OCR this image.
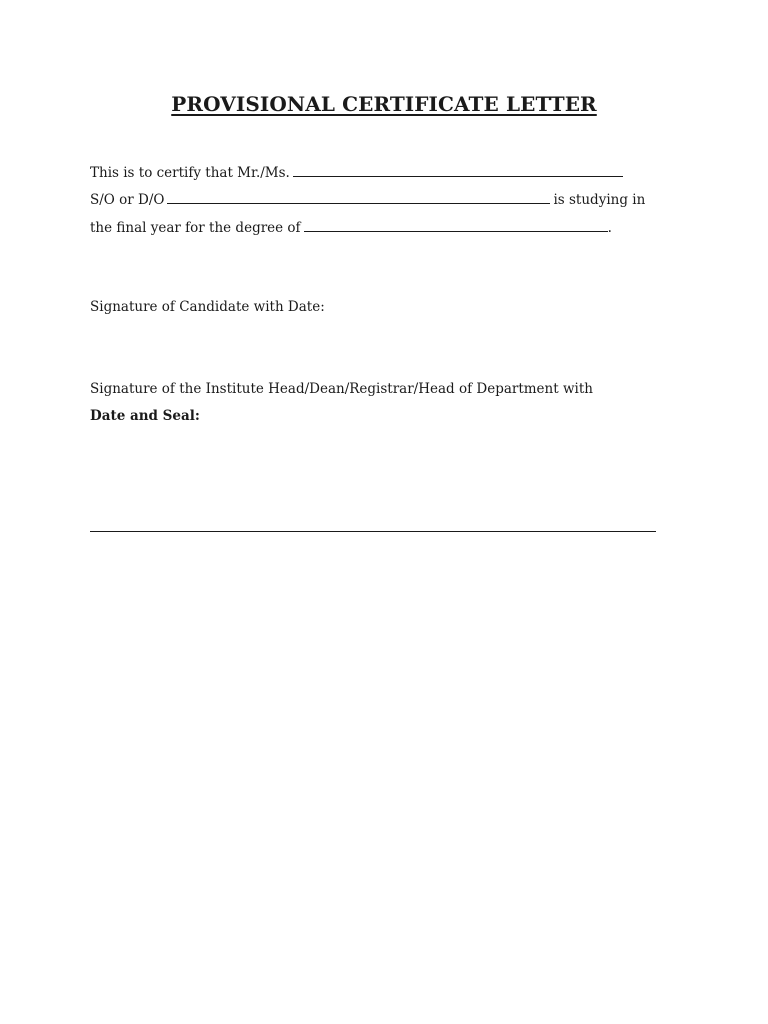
PROVISIONAL CERTIFICATE LETTER
This is to certify that Mr./Ms.
S/O or D/O	is studying in
the final year for the degree of	.
Signature of Candidate with Date:
Signature of the Institute Head/Dean/Registrar/Head of Department with
Date and Seal:
